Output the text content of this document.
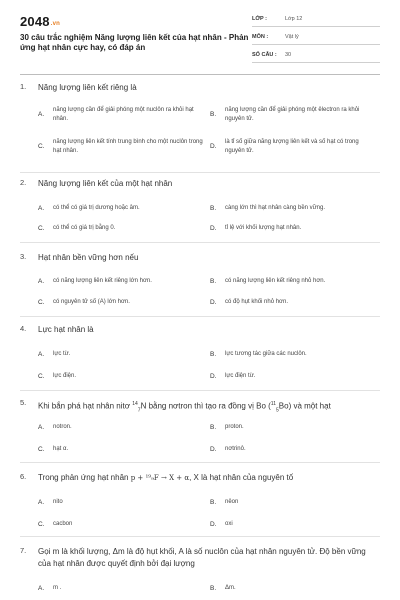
2048.vn
30 câu trắc nghiệm Năng lượng liên kết của hạt nhân - Phản ứng hạt nhân cực hay, có đáp án
LỚP :	Lớp 12
MÔN :	Vật lý
SỐ CÂU : 30
1. Năng lượng liên kết riêng là
A.
năng lượng cần để giải phóng một nuclôn ra khỏi hạt nhân.
B.
năng lượng cần để giải phóng một êlectron ra khỏi nguyên tử.
C.
năng lượng liên kết tính trung bình cho một nuclôn trong hạt nhân.
D.
là tỉ số giữa năng lượng liên kết và số hạt có trong nguyên tử.
2. Năng lượng liên kết của một hạt nhân
A. có thể có giá trị dương hoặc âm.	B. càng lớn thì hạt nhân càng bền vững.
C. có thể có giá trị bằng 0.	D. tỉ lệ với khối lượng hạt nhân.
3. Hạt nhân bền vững hơn nếu
A. có năng lượng liên kết riêng lớn hơn.	B. có năng lượng liên kết riêng nhỏ hơn.
C. có nguyên tử số (A) lớn hơn.	D. có độ hụt khối nhỏ hơn.
4. Lực hạt nhân là
A. lực từ.	B. lực tương tác giữa các nuclôn.
C. lực điện.	D. lực điện từ.
5. Khi bắn phá hạt nhân nitơ $^{14}_7$N bằng nơtron thì tạo ra đồng vị Bo ($^{11}_5$Bo) và một hạt
A. notron.	B. proton.
C. hạt α.	D. nơtrinô.
6. Trong phản ứng hạt nhân p + ¹⁹₉F → X + α, X là hạt nhân của nguyên tố
A. nito	B. nêon
C. cacbon	D. oxi
7. Gọi m là khối lượng, Δm là độ hụt khối, A là số nuclôn của hạt nhân nguyên tử. Độ bền vững của hạt nhân được quyết định bởi đại lượng
A. m .	B. Δm.
